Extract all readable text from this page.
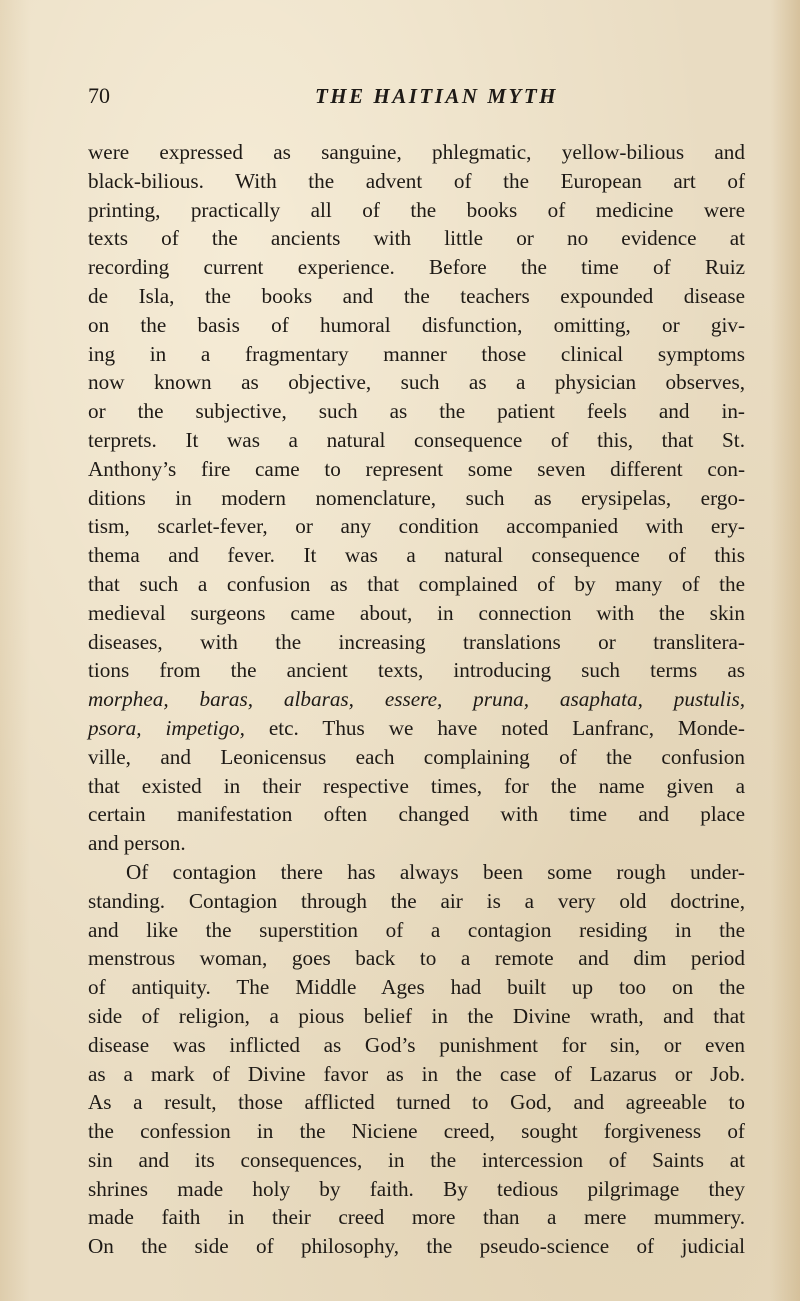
70	THE HAITIAN MYTH
were expressed as sanguine, phlegmatic, yellow-bilious and
black-bilious. With the advent of the European art of
printing, practically all of the books of medicine were
texts of the ancients with little or no evidence at
recording current experience. Before the time of Ruiz
de Isla, the books and the teachers expounded disease
on the basis of humoral disfunction, omitting, or giv-
ing in a fragmentary manner those clinical symptoms
now known as objective, such as a physician observes,
or the subjective, such as the patient feels and in-
terprets. It was a natural consequence of this, that St.
Anthony’s fire came to represent some seven different con-
ditions in modern nomenclature, such as erysipelas, ergo-
tism, scarlet-fever, or any condition accompanied with ery-
thema and fever. It was a natural consequence of this
that such a confusion as that complained of by many of the
medieval surgeons came about, in connection with the skin
diseases, with the increasing translations or translitera-
tions from the ancient texts, introducing such terms as
morphea, baras, albaras, essere, pruna, asaphata, pustulis,
psora, impetigo, etc. Thus we have noted Lanfranc, Monde-
ville, and Leonicensus each complaining of the confusion
that existed in their respective times, for the name given a
certain manifestation often changed with time and place
and person.
Of contagion there has always been some rough under-
standing. Contagion through the air is a very old doctrine,
and like the superstition of a contagion residing in the
menstrous woman, goes back to a remote and dim period
of antiquity. The Middle Ages had built up too on the
side of religion, a pious belief in the Divine wrath, and that
disease was inflicted as God’s punishment for sin, or even
as a mark of Divine favor as in the case of Lazarus or Job.
As a result, those afflicted turned to God, and agreeable to
the confession in the Niciene creed, sought forgiveness of
sin and its consequences, in the intercession of Saints at
shrines made holy by faith. By tedious pilgrimage they
made faith in their creed more than a mere mummery.
On the side of philosophy, the pseudo-science of judicial
